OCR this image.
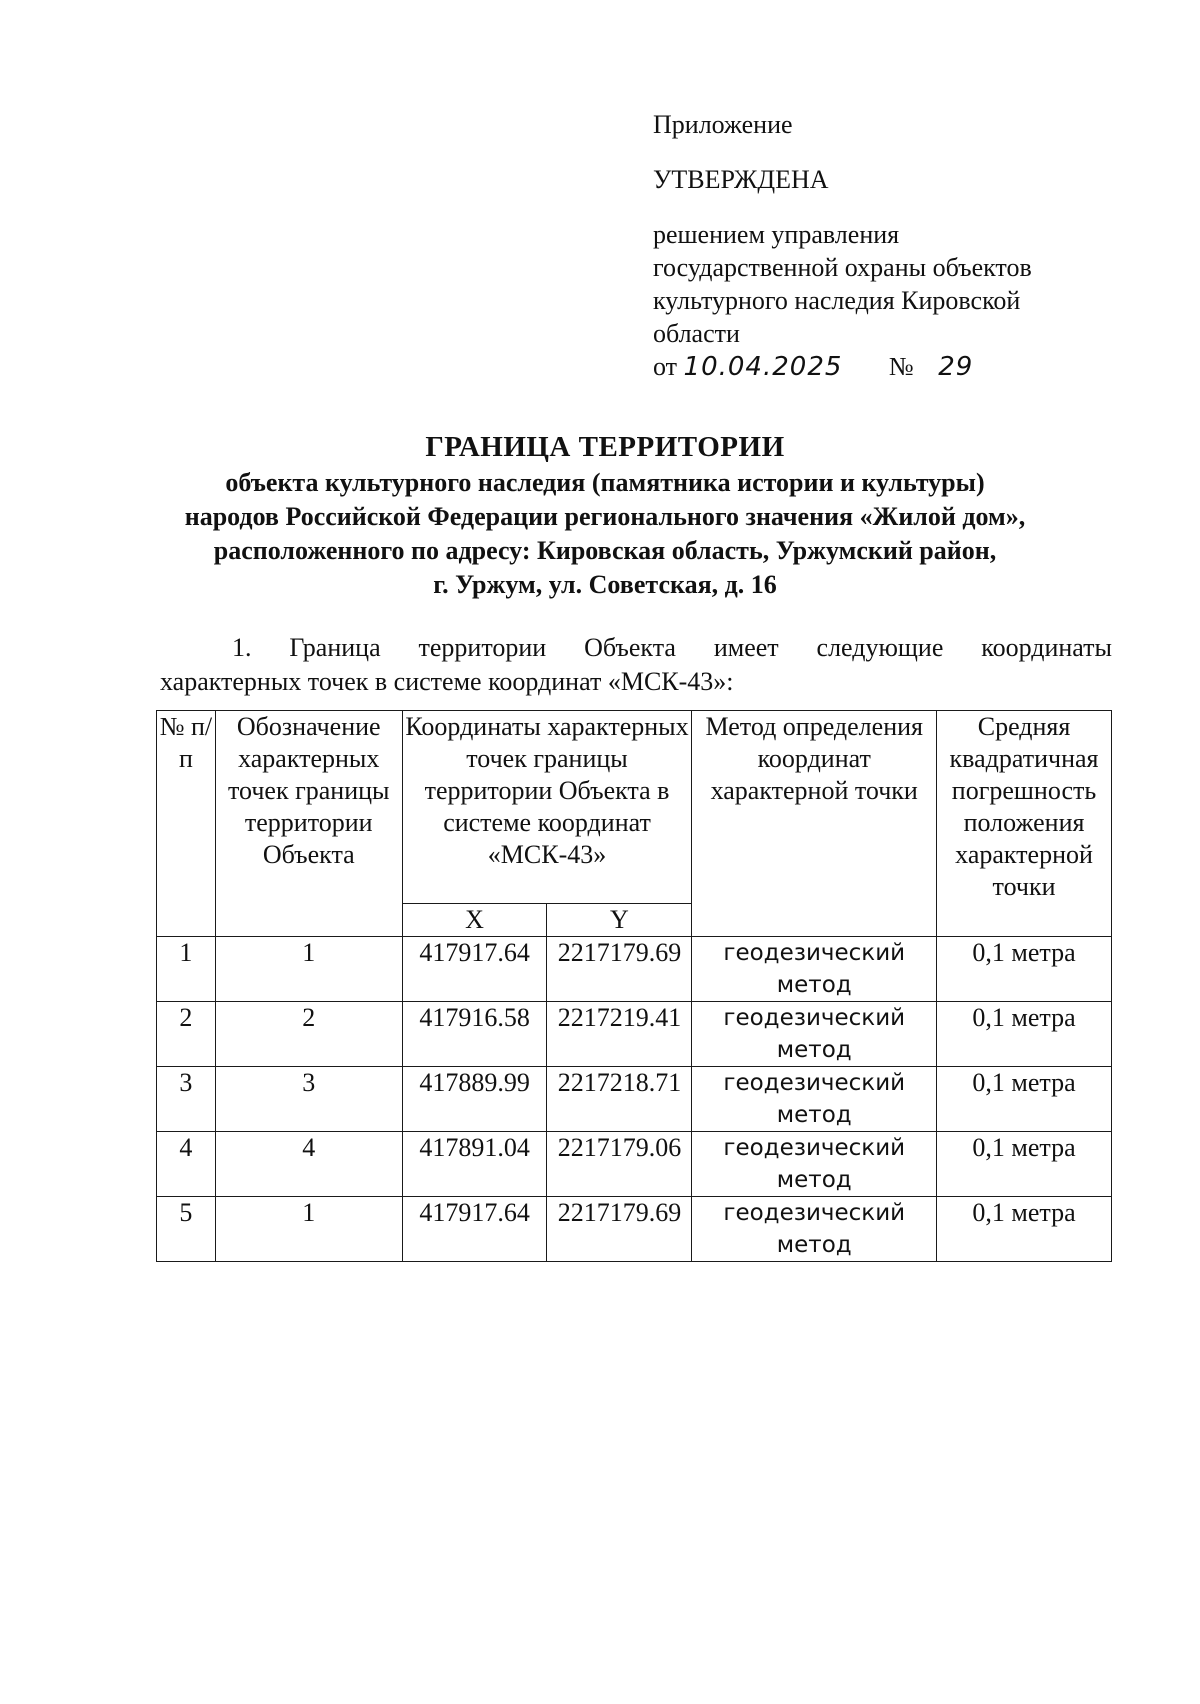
Приложение
УТВЕРЖДЕНА
решением управления
государственной охраны объектов
культурного наследия Кировской
области
от 10.04.2025 № 29
ГРАНИЦА ТЕРРИТОРИИ
объекта культурного наследия (памятника истории и культуры)
народов Российской Федерации регионального значения «Жилой дом»,
расположенного по адресу: Кировская область, Уржумский район,
г. Уржум, ул. Советская, д. 16
1. Граница территории Объекта имеет следующие координаты
характерных точек в системе координат «МСК-43»:
№ п/п	Обозначение характерных точек границы территории Объекта	Координаты характерных точек границы территории Объекта в системе координат «МСК-43»		Метод определения координат характерной точки	Средняя квадратичная погрешность положения характерной точки
		X	Y		
1	1	417917.64	2217179.69	геодезический метод	0,1 метра
2	2	417916.58	2217219.41	геодезический метод	0,1 метра
3	3	417889.99	2217218.71	геодезический метод	0,1 метра
4	4	417891.04	2217179.06	геодезический метод	0,1 метра
5	1	417917.64	2217179.69	геодезический метод	0,1 метра
